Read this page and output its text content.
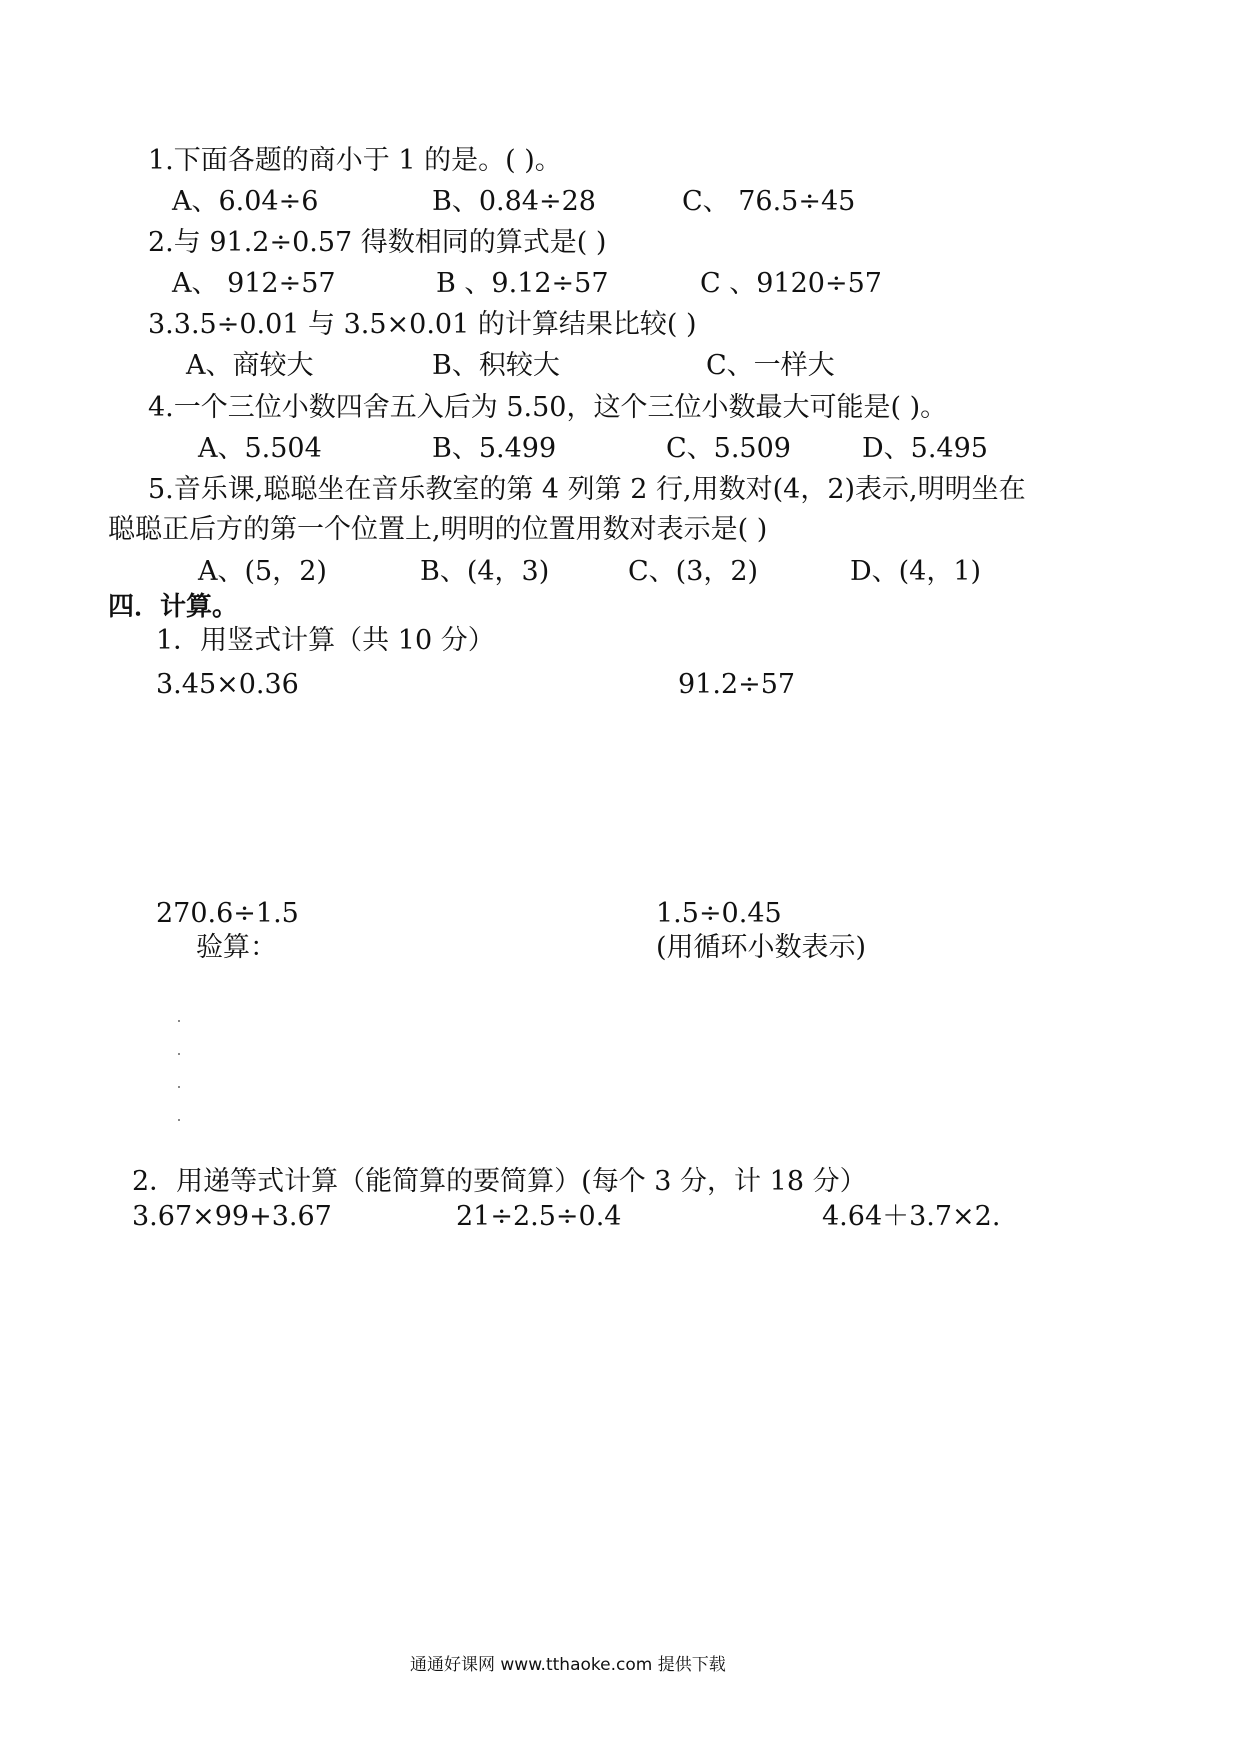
1.下面各题的商小于 1 的是。( )。
A、6.04÷6	B、0.84÷28	C、 76.5÷45
2.与 91.2÷0.57 得数相同的算式是( )
A、 912÷57	B 、9.12÷57	C 、9120÷57
3.3.5÷0.01 与 3.5×0.01 的计算结果比较( )
A、商较大	B、积较大	C、一样大
4.一个三位小数四舍五入后为 5.50，这个三位小数最大可能是( )。
A、5.504	B、5.499	C、5.509	D、5.495
5.音乐课,聪聪坐在音乐教室的第 4 列第 2 行,用数对(4，2)表示,明明坐在
聪聪正后方的第一个位置上,明明的位置用数对表示是( )
A、(5，2)	B、(4，3)	C、(3，2)	D、(4，1)
四．计算。
1．用竖式计算（共 10 分）
3.45×0.36	91.2÷57
270.6÷1.5	1.5÷0.45
验算：	(用循环小数表示)
2．用递等式计算（能简算的要简算）(每个 3 分，计 18 分）
3.67×99+3.67	21÷2.5÷0.4	4.64＋3.7×2.
通通好课网 www.tthaoke.com 提供下载
